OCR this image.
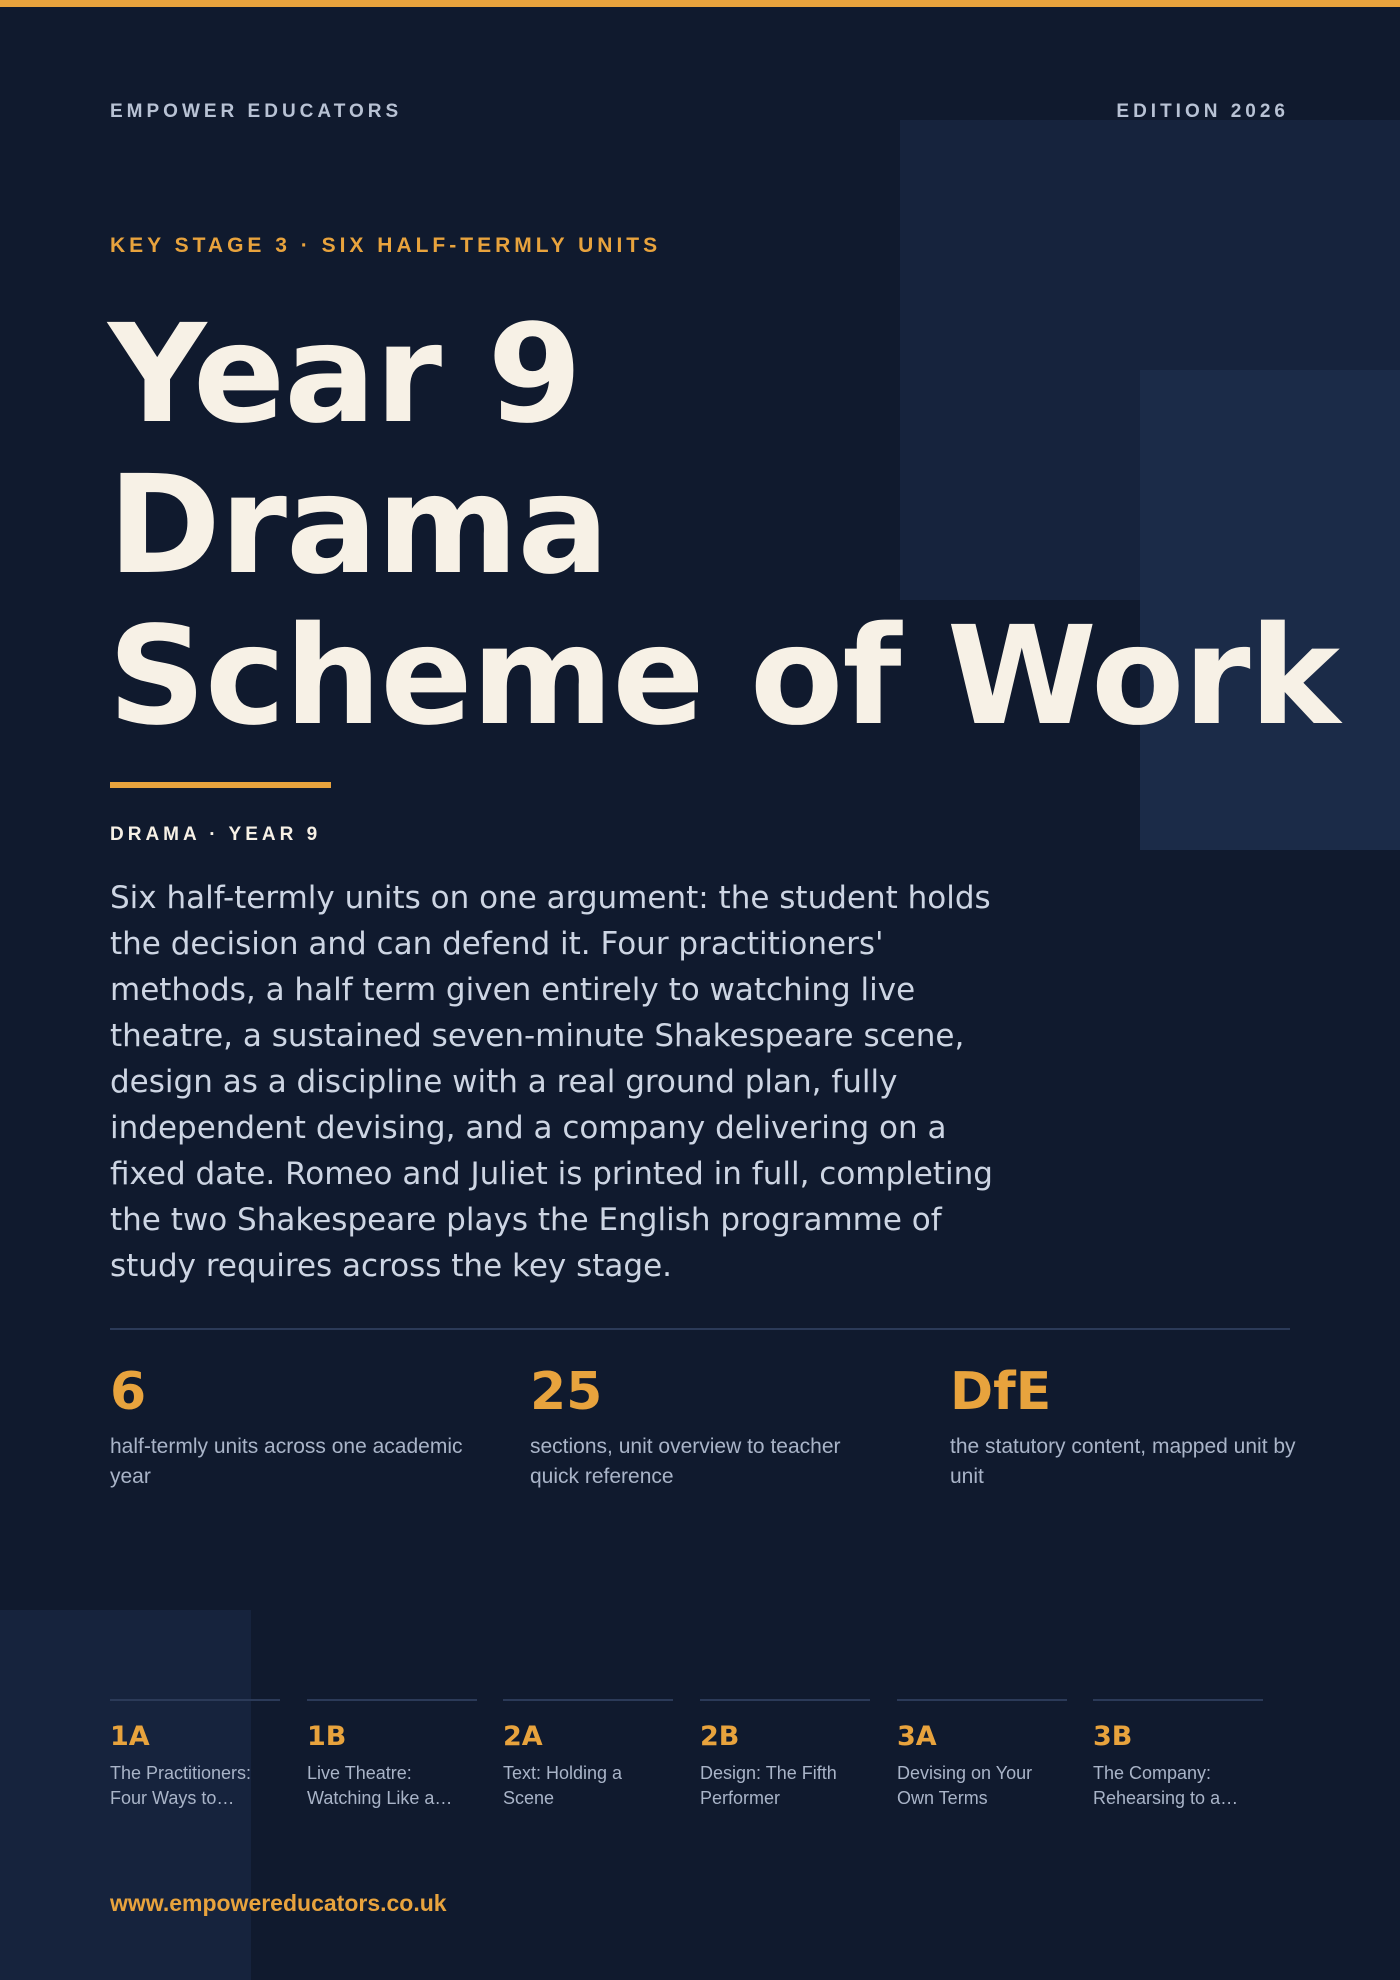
EMPOWER EDUCATORS	EDITION 2026
KEY STAGE 3 · SIX HALF-TERMLY UNITS
Year 9
Drama
Scheme of Work
DRAMA · YEAR 9

Six half-termly units on one argument: the student holds the decision and can defend it. Four practitioners' methods, a half term given entirely to watching live theatre, a sustained seven-minute Shakespeare scene, design as a discipline with a real ground plan, fully independent devising, and a company delivering on a fixed date. Romeo and Juliet is printed in full, completing the two Shakespeare plays the English programme of study requires across the key stage.

6
half-termly units across one academic year
25
sections, unit overview to teacher quick reference
DfE
the statutory content, mapped unit by unit
1A
The Practitioners: Four Ways to…
1B
Live Theatre: Watching Like a…
2A
Text: Holding a Scene
2B
Design: The Fifth Performer
3A
Devising on Your Own Terms
3B
The Company: Rehearsing to a…
www.empowereducators.co.uk
